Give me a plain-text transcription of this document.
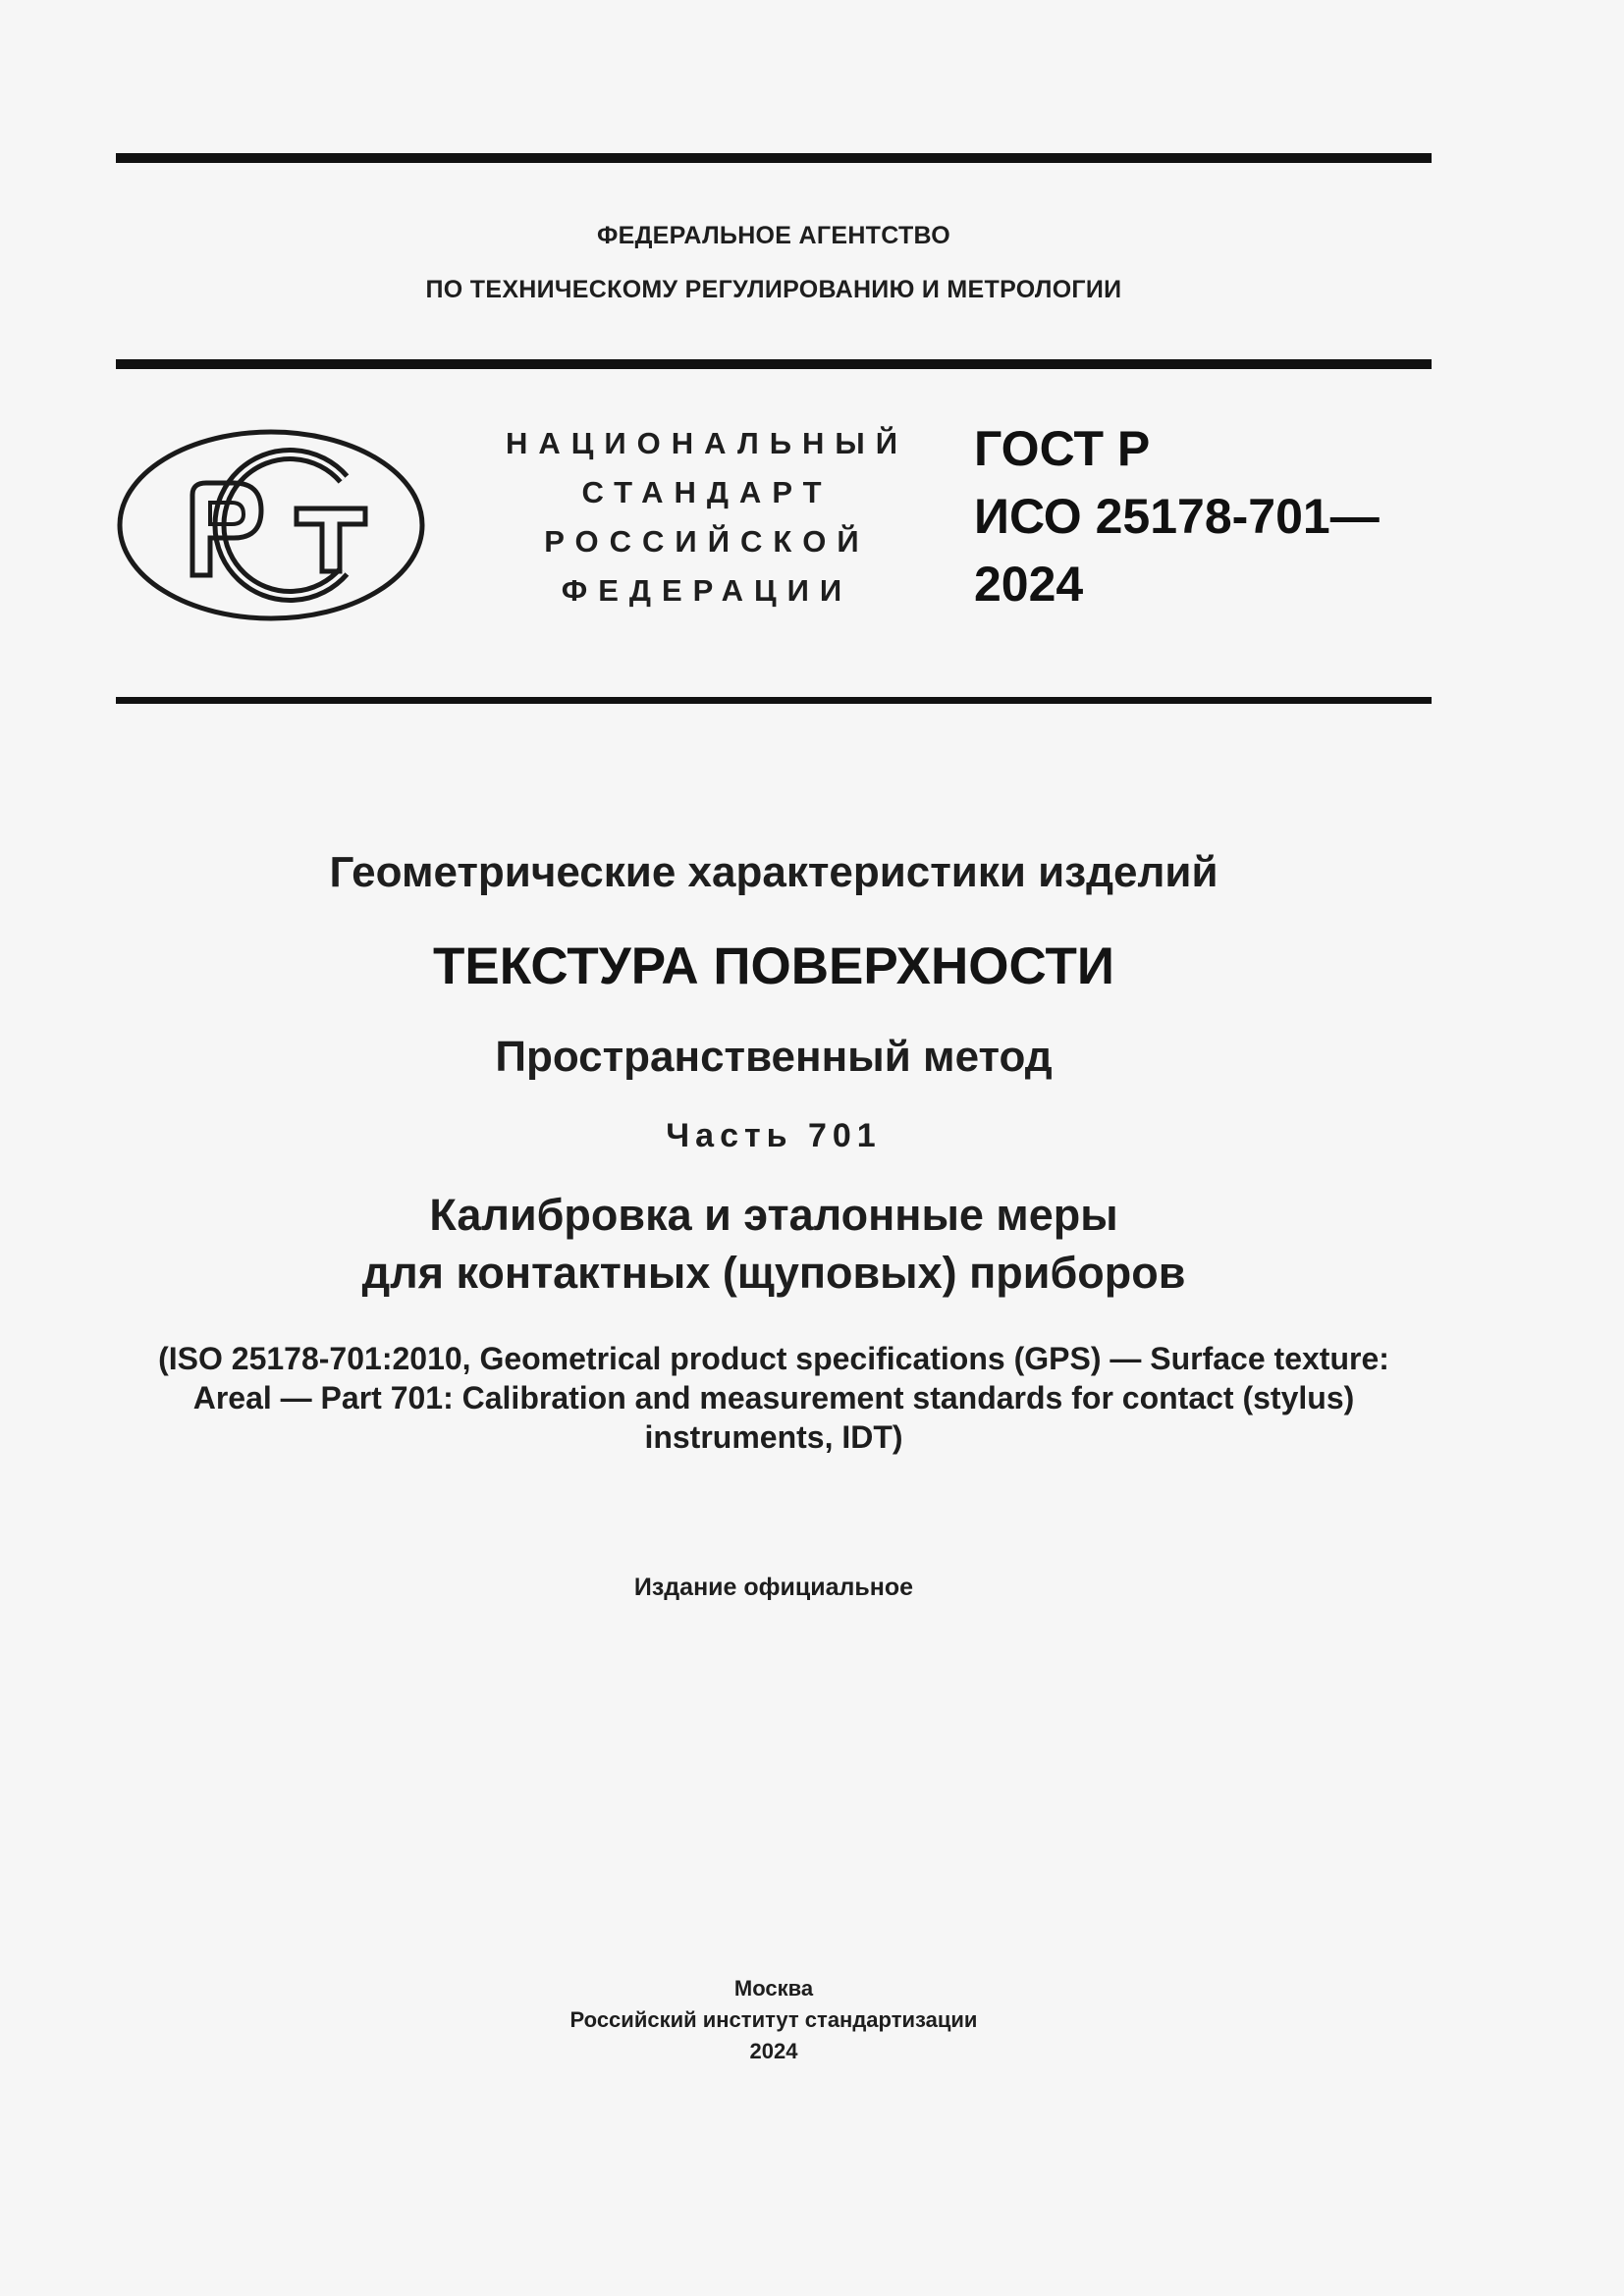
ФЕДЕРАЛЬНОЕ АГЕНТСТВО
ПО ТЕХНИЧЕСКОМУ РЕГУЛИРОВАНИЮ И МЕТРОЛОГИИ
НАЦИОНАЛЬНЫЙ
СТАНДАРТ
РОССИЙСКОЙ
ФЕДЕРАЦИИ
ГОСТ Р
ИСО 25178-701—
2024
Геометрические характеристики изделий
ТЕКСТУРА ПОВЕРХНОСТИ
Пространственный метод
Часть 701
Калибровка и эталонные меры
для контактных (щуповых) приборов
(ISO 25178-701:2010, Geometrical product specifications (GPS) — Surface texture:
Areal — Part 701: Calibration and measurement standards for contact (stylus)
instruments, IDT)
Издание официальное
Москва
Российский институт стандартизации
2024
